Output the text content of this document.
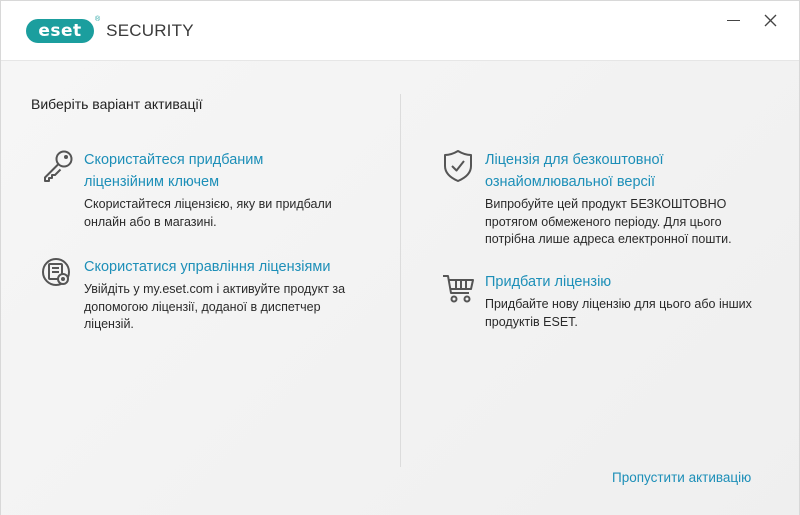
eset
®
SECURITY
Виберіть варіант активації
Скористайтеся придбаним
ліцензійним ключем
Скористайтеся ліцензією, яку ви придбали
онлайн або в магазині.
Скористатися управління ліцензіями
Увійдіть у my.eset.com і активуйте продукт за
допомогою ліцензії, доданої в диспетчер
ліцензій.
Ліцензія для безкоштовної
ознайомлювальної версії
Випробуйте цей продукт БЕЗКОШТОВНО
протягом обмеженого періоду. Для цього
потрібна лише адреса електронної пошти.
Придбати ліцензію
Придбайте нову ліцензію для цього або інших
продуктів ESET.
Пропустити активацію
